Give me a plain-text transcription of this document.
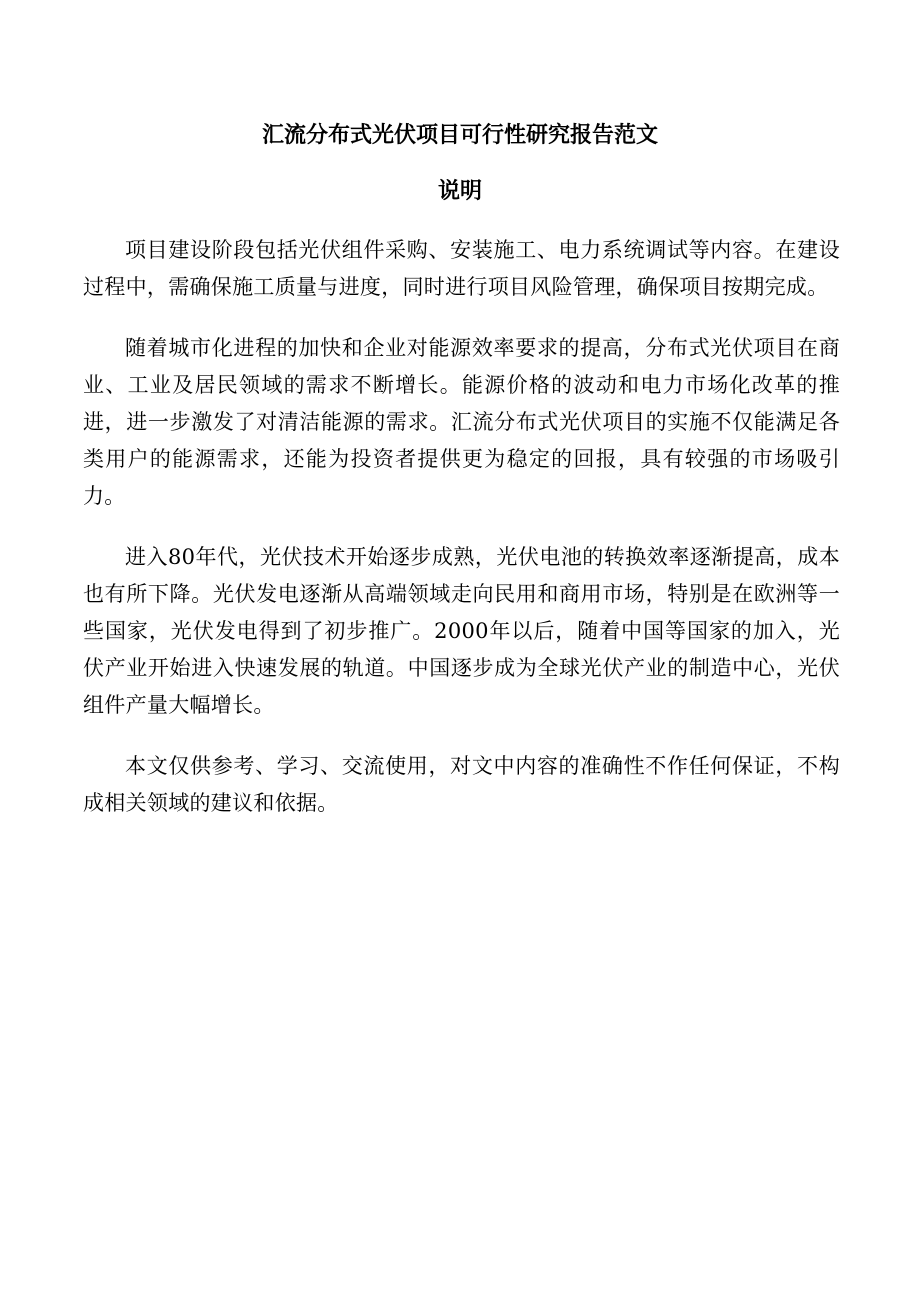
汇流分布式光伏项目可行性研究报告范文
说明

项目建设阶段包括光伏组件采购、安装施工、电力系统调试等内容。在建设过程中，需确保施工质量与进度，同时进行项目风险管理，确保项目按期完成。

随着城市化进程的加快和企业对能源效率要求的提高，分布式光伏项目在商业、工业及居民领域的需求不断增长。能源价格的波动和电力市场化改革的推进，进一步激发了对清洁能源的需求。汇流分布式光伏项目的实施不仅能满足各类用户的能源需求，还能为投资者提供更为稳定的回报，具有较强的市场吸引力。

进入80年代，光伏技术开始逐步成熟，光伏电池的转换效率逐渐提高，成本也有所下降。光伏发电逐渐从高端领域走向民用和商用市场，特别是在欧洲等一些国家，光伏发电得到了初步推广。2000年以后，随着中国等国家的加入，光伏产业开始进入快速发展的轨道。中国逐步成为全球光伏产业的制造中心，光伏组件产量大幅增长。

本文仅供参考、学习、交流使用，对文中内容的准确性不作任何保证，不构成相关领域的建议和依据。
